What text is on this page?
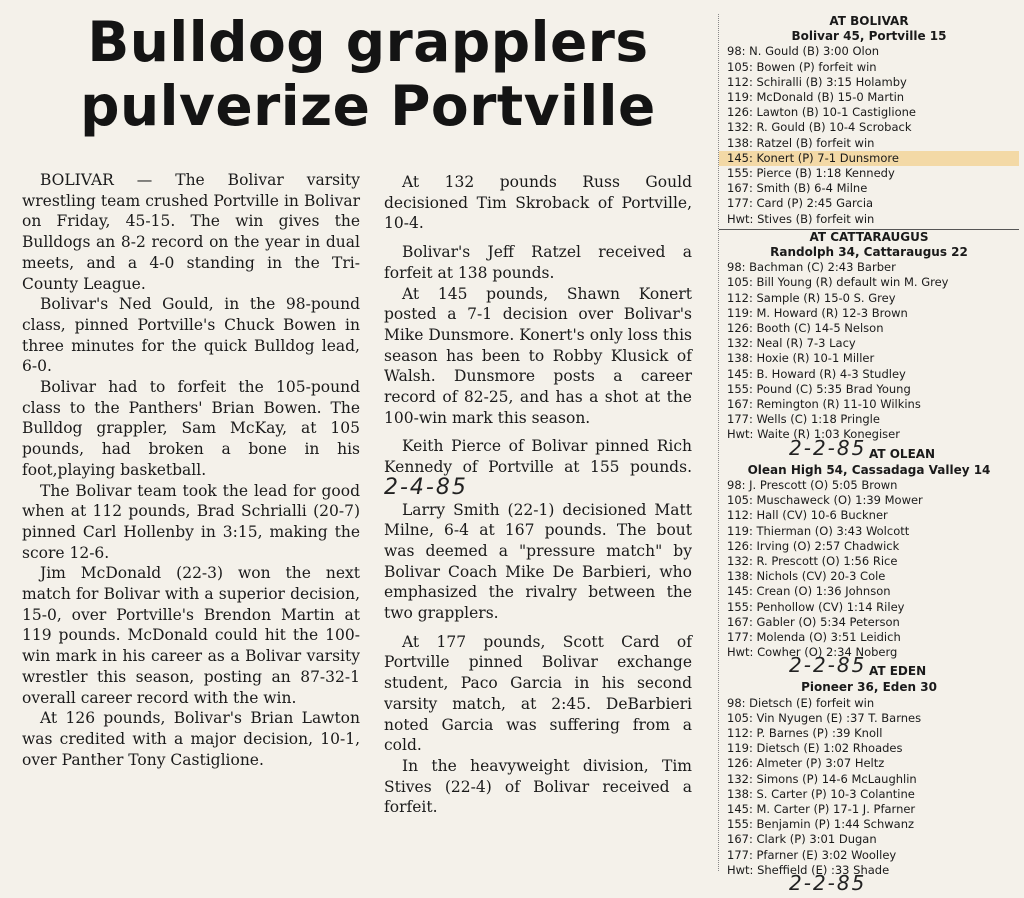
Bulldog grapplers
pulverize Portville

BOLIVAR — The Bolivar varsity wrestling team crushed Portville in Bolivar on Friday, 45-15. The win gives the Bulldogs an 8-2 record on the year in dual meets, and a 4-0 standing in the Tri-County League.

Bolivar's Ned Gould, in the 98-pound class, pinned Portville's Chuck Bowen in three minutes for the quick Bulldog lead, 6-0.

Bolivar had to forfeit the 105-pound class to the Panthers' Brian Bowen. The Bulldog grappler, Sam McKay, at 105 pounds, had broken a bone in his foot,playing basketball.

The Bolivar team took the lead for good when at 112 pounds, Brad Schrialli (20-7) pinned Carl Hollenby in 3:15, making the score 12-6.

Jim McDonald (22-3) won the next match for Bolivar with a superior decision, 15-0, over Portville's Brendon Martin at 119 pounds. McDonald could hit the 100-win mark in his career as a Bolivar varsity wrestler this season, posting an 87-32-1 overall career record with the win.

At 126 pounds, Bolivar's Brian Lawton was credited with a major decision, 10-1, over Panther Tony Castiglione.

At 132 pounds Russ Gould decisioned Tim Skroback of Portville, 10-4.

Bolivar's Jeff Ratzel received a forfeit at 138 pounds.

At 145 pounds, Shawn Konert posted a 7-1 decision over Bolivar's Mike Dunsmore. Konert's only loss this season has been to Robby Klusick of Walsh. Dunsmore posts a career record of 82-25, and has a shot at the 100-win mark this season.

Keith Pierce of Bolivar pinned Rich Kennedy of Portville at 155 pounds. 2-4-85

Larry Smith (22-1) decisioned Matt Milne, 6-4 at 167 pounds. The bout was deemed a "pressure match" by Bolivar Coach Mike De Barbieri, who emphasized the rivalry between the two grapplers.

At 177 pounds, Scott Card of Portville pinned Bolivar exchange student, Paco Garcia in his second varsity match, at 2:45. DeBarbieri noted Garcia was suffering from a cold.

In the heavyweight division, Tim Stives (22-4) of Bolivar received a forfeit.

AT BOLIVAR
Bolivar 45, Portville 15
98: N. Gould (B) 3:00 Olon
105: Bowen (P) forfeit win
112: Schiralli (B) 3:15 Holamby
119: McDonald (B) 15-0 Martin
126: Lawton (B) 10-1 Castiglione
132: R. Gould (B) 10-4 Scroback
138: Ratzel (B) forfeit win
145: Konert (P) 7-1 Dunsmore
155: Pierce (B) 1:18 Kennedy
167: Smith (B) 6-4 Milne
177: Card (P) 2:45 Garcia
Hwt: Stives (B) forfeit win
AT CATTARAUGUS
Randolph 34, Cattaraugus 22
98: Bachman (C) 2:43 Barber
105: Bill Young (R) default win M. Grey
112: Sample (R) 15-0 S. Grey
119: M. Howard (R) 12-3 Brown
126: Booth (C) 14-5 Nelson
132: Neal (R) 7-3 Lacy
138: Hoxie (R) 10-1 Miller
145: B. Howard (R) 4-3 Studley
155: Pound (C) 5:35 Brad Young
167: Remington (R) 11-10 Wilkins
177: Wells (C) 1:18 Pringle
Hwt: Waite (R) 1:03 Konegiser
2-2-85 AT OLEAN
Olean High 54, Cassadaga Valley 14
98: J. Prescott (O) 5:05 Brown
105: Muschaweck (O) 1:39 Mower
112: Hall (CV) 10-6 Buckner
119: Thierman (O) 3:43 Wolcott
126: Irving (O) 2:57 Chadwick
132: R. Prescott (O) 1:56 Rice
138: Nichols (CV) 20-3 Cole
145: Crean (O) 1:36 Johnson
155: Penhollow (CV) 1:14 Riley
167: Gabler (O) 5:34 Peterson
177: Molenda (O) 3:51 Leidich
Hwt: Cowher (O) 2:34 Noberg
2-2-85 AT EDEN
Pioneer 36, Eden 30
98: Dietsch (E) forfeit win
105: Vin Nyugen (E) :37 T. Barnes
112: P. Barnes (P) :39 Knoll
119: Dietsch (E) 1:02 Rhoades
126: Almeter (P) 3:07 Heltz
132: Simons (P) 14-6 McLaughlin
138: S. Carter (P) 10-3 Colantine
145: M. Carter (P) 17-1 J. Pfarner
155: Benjamin (P) 1:44 Schwanz
167: Clark (P) 3:01 Dugan
177: Pfarner (E) 3:02 Woolley
Hwt: Sheffield (E) :33 Shade
2-2-85
